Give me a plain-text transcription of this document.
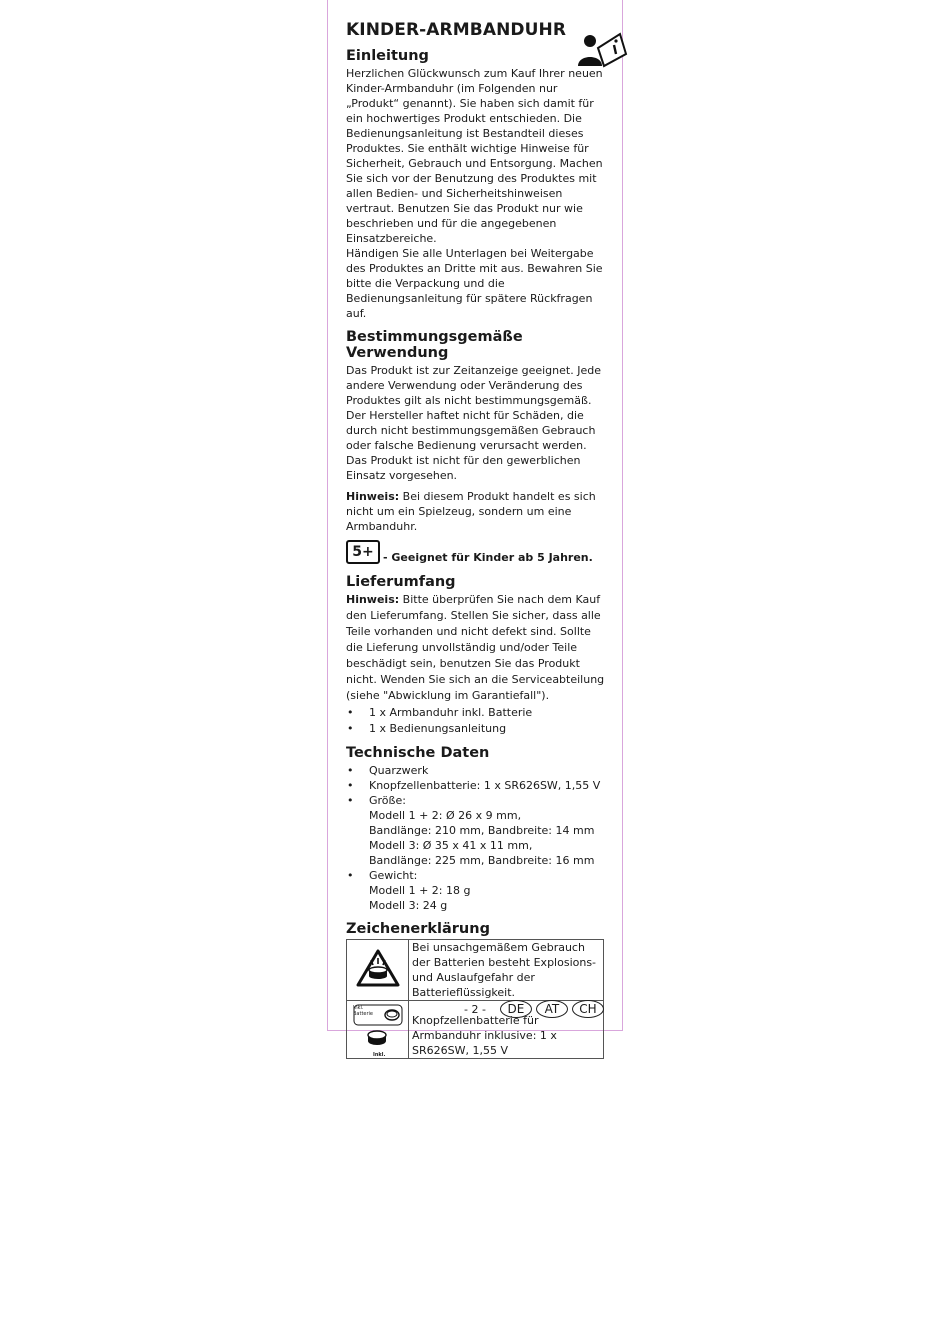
KINDER-ARMBANDUHR
Einleitung

Herzlichen Glückwunsch zum Kauf Ihrer neuen Kinder-Armbanduhr (im Folgenden nur „Produkt“ genannt). Sie haben sich damit für ein hochwertiges Produkt entschieden. Die Bedienungsanleitung ist Bestandteil dieses Produktes. Sie enthält wichtige Hinweise für Sicherheit, Gebrauch und Entsorgung. Machen Sie sich vor der Benutzung des Produktes mit allen Bedien- und Sicherheitshinweisen vertraut. Benutzen Sie das Produkt nur wie beschrieben und für die angegebenen Einsatzbereiche.

Händigen Sie alle Unterlagen bei Weitergabe des Produktes an Dritte mit aus. Bewahren Sie bitte die Verpackung und die Bedienungsanleitung für spätere Rückfragen auf.

Bestimmungsgemäße Verwendung

Das Produkt ist zur Zeitanzeige geeignet. Jede andere Verwendung oder Veränderung des Produktes gilt als nicht bestimmungsgemäß. Der Hersteller haftet nicht für Schäden, die durch nicht bestimmungsgemäßen Gebrauch oder falsche Bedienung verursacht werden. Das Produkt ist nicht für den gewerblichen Einsatz vorgesehen.

Hinweis: Bei diesem Produkt handelt es sich nicht um ein Spielzeug, sondern um eine Armbanduhr.

5+ - Geeignet für Kinder ab 5 Jahren.
Lieferumfang

Hinweis: Bitte überprüfen Sie nach dem Kauf den Lieferumfang. Stellen Sie sicher, dass alle Teile vorhanden und nicht defekt sind. Sollte die Lieferung unvollständig und/oder Teile beschädigt sein, benutzen Sie das Produkt nicht. Wenden Sie sich an die Serviceabteilung (siehe "Abwicklung im Garantiefall").

• 1 x Armbanduhr inkl. Batterie
• 1 x Bedienungsanleitung
Technische Daten
• Quarzwerk
• Knopfzellenbatterie: 1 x SR626SW, 1,55 V
• Größe:
Modell 1 + 2: Ø 26 x 9 mm,
Bandlänge: 210 mm, Bandbreite: 14 mm
Modell 3: Ø 35 x 41 x 11 mm,
Bandlänge: 225 mm, Bandbreite: 16 mm
• Gewicht:
Modell 1 + 2: 18 g
Modell 3: 24 g
Zeichenerklärung
	Bei unsachgemäßem Gebrauch der Batterien besteht Explosions- und Auslaufgefahr der Batterieflüssigkeit.

Inkl. Batterie
Inkl.	Knopfzellenbatterie für Armbanduhr inklusive: 1 x SR626SW, 1,55 V
- 2 -	DE	AT	CH
